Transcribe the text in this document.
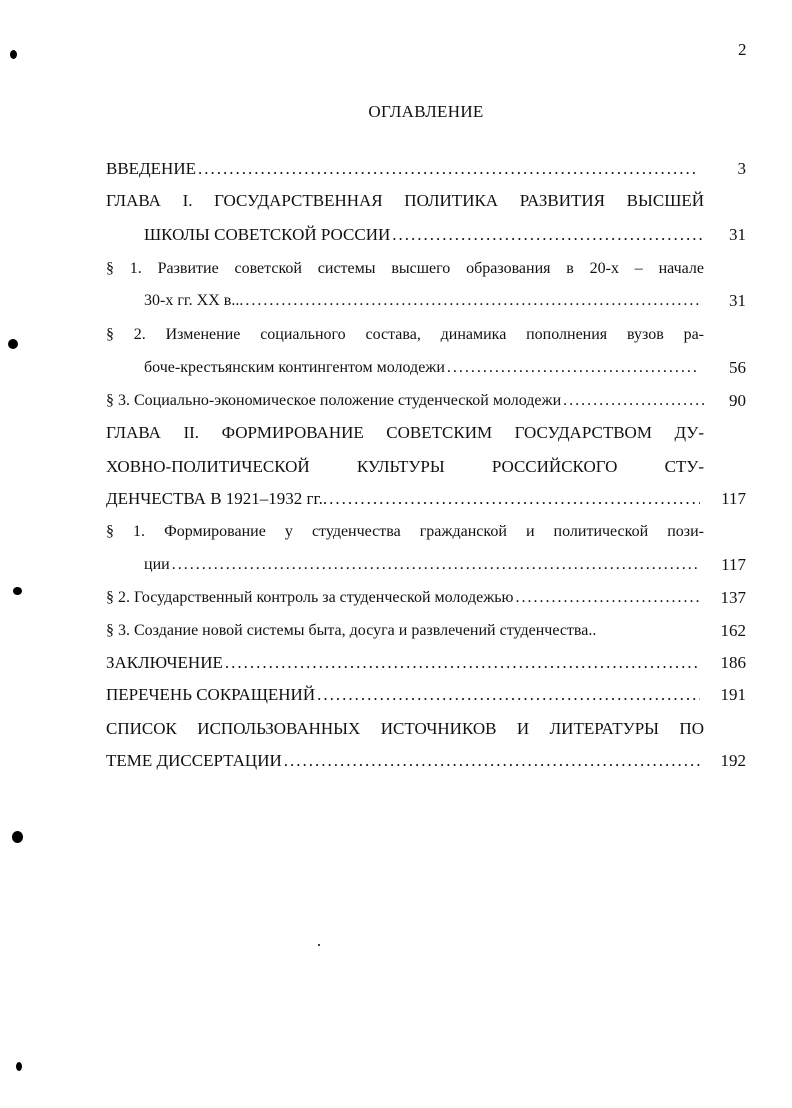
2
ОГЛАВЛЕНИЕ
ВВЕДЕНИЕ .....	3
ГЛАВА I. ГОСУДАРСТВЕННАЯ ПОЛИТИКА РАЗВИТИЯ ВЫСШЕЙ
ШКОЛЫ СОВЕТСКОЙ РОССИИ .....	31
§ 1. Развитие советской системы высшего образования в 20-х – начале
30-х гг. XX в... .....	31
§ 2. Изменение социального состава, динамика пополнения вузов ра-
боче-крестьянским контингентом молодежи .....	56
§ 3. Социально-экономическое положение студенческой молодежи .....	90
ГЛАВА II. ФОРМИРОВАНИЕ СОВЕТСКИМ ГОСУДАРСТВОМ ДУ-
ХОВНО-ПОЛИТИЧЕСКОЙ КУЛЬТУРЫ РОССИЙСКОГО СТУ-
ДЕНЧЕСТВА В 1921–1932 гг.. .....	117
§ 1. Формирование у студенчества гражданской и политической пози-
ции .....	117
§ 2. Государственный контроль за студенческой молодежью .....	137
§ 3. Создание новой системы быта, досуга и развлечений студенчества..	162
ЗАКЛЮЧЕНИЕ .....	186
ПЕРЕЧЕНЬ СОКРАЩЕНИЙ .....	191
СПИСОК ИСПОЛЬЗОВАННЫХ ИСТОЧНИКОВ И ЛИТЕРАТУРЫ ПО
ТЕМЕ ДИССЕРТАЦИИ .....	192
